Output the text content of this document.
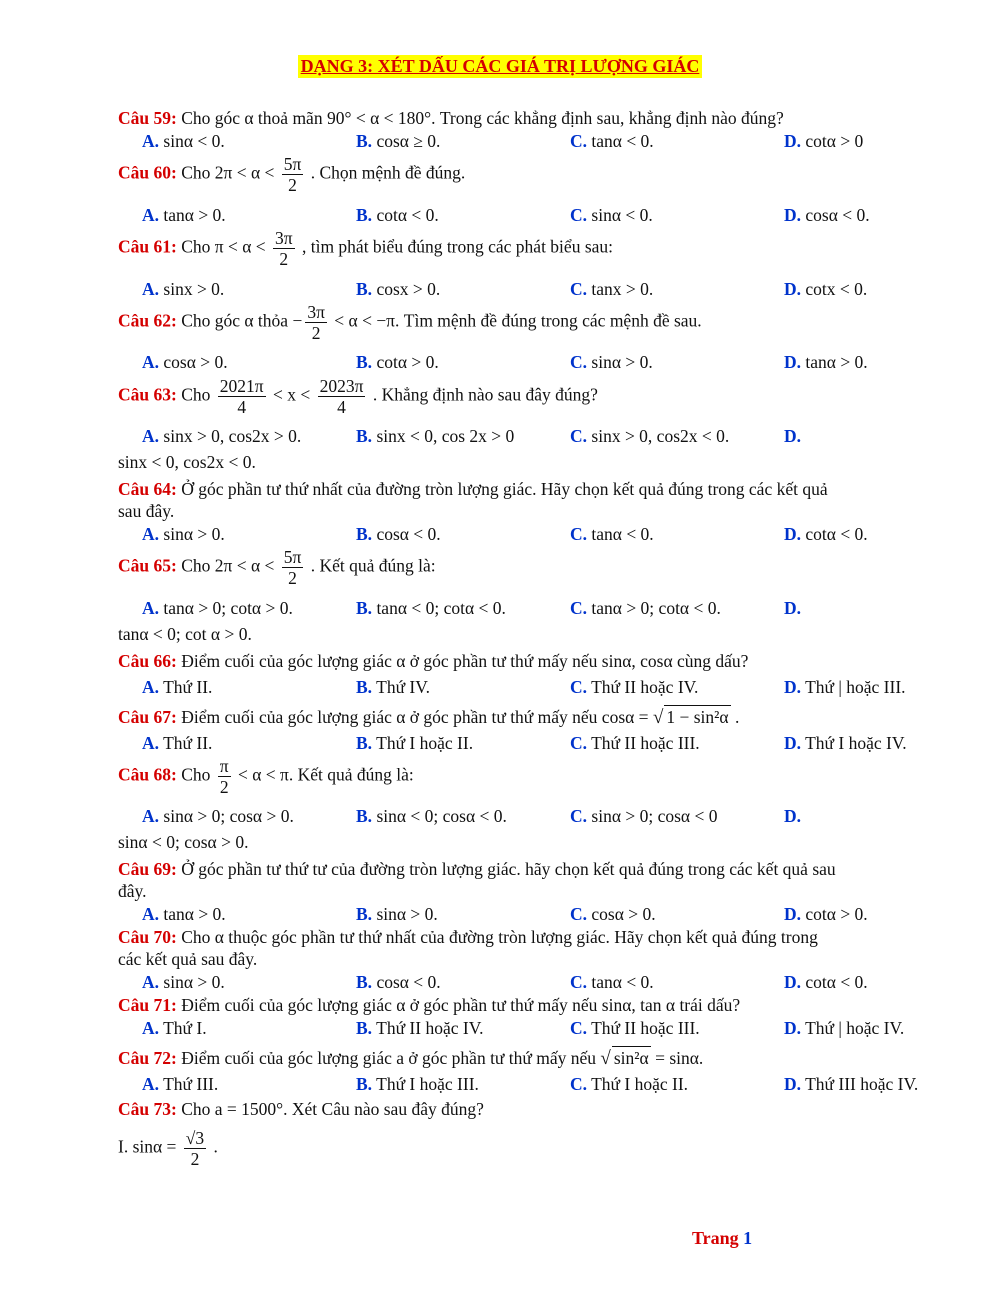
DẠNG 3: XÉT DẤU CÁC GIÁ TRỊ LƯỢNG GIÁC
Câu 59: Cho góc α thoả mãn 90° < α < 180°. Trong các khẳng định sau, khẳng định nào đúng?
A. sinα < 0.	B. cosα ≥ 0.	C. tanα < 0.	D. cotα > 0
Câu 60: Cho $2\pi < \alpha < \frac{5\pi}{2}$ . Chọn mệnh đề đúng.
A. tanα > 0.	B. cotα < 0.	C. sinα < 0.	D. cosα < 0.
Câu 61: Cho $\pi < \alpha < \frac{3\pi}{2}$ , tìm phát biểu đúng trong các phát biểu sau:
A. sinx > 0.	B. cosx > 0.	C. tanx > 0.	D. cotx < 0.
Câu 62: Cho góc α thỏa − $\frac{3\pi}{2} < \alpha < -\pi$. Tìm mệnh đề đúng trong các mệnh đề sau.
A. cosα > 0.	B. cotα > 0.	C. sinα > 0.	D. tanα > 0.
Câu 63: Cho $\frac{2021\pi}{4} < x < \frac{2023\pi}{4}$ . Khẳng định nào sau đây đúng?
A. sinx > 0, cos2x > 0.	B. sinx < 0, cos 2x > 0	C. sinx > 0, cos2x < 0.	D.
sinx < 0, cos2x < 0.
Câu 64: Ở góc phần tư thứ nhất của đường tròn lượng giác. Hãy chọn kết quả đúng trong các kết quả
sau đây.
A. sinα > 0.	B. cosα < 0.	C. tanα < 0.	D. cotα < 0.
Câu 65: Cho $2\pi < \alpha < \frac{5\pi}{2}$ . Kết quả đúng là:
A. tanα > 0; cotα > 0.	B. tanα < 0; cotα < 0.	C. tanα > 0; cotα < 0.	D.
tanα < 0; cot α > 0.
Câu 66: Điểm cuối của góc lượng giác α ở góc phần tư thứ mấy nếu sinα, cosα cùng dấu?
A. Thứ II.	B. Thứ IV.	C. Thứ II hoặc IV.	D. Thứ | hoặc III.
Câu 67: Điểm cuối của góc lượng giác α ở góc phần tư thứ mấy nếu cosα = √ 1 − sin²α .
A. Thứ II.	B. Thứ I hoặc II.	C. Thứ II hoặc III.	D. Thứ I hoặc IV.
Câu 68: Cho $\frac{\pi}{2} < \alpha < \pi$. Kết quả đúng là:
A. sinα > 0; cosα > 0.	B. sinα < 0; cosα < 0.	C. sinα > 0; cosα < 0	D.
sinα < 0; cosα > 0.
Câu 69: Ở góc phần tư thứ tư của đường tròn lượng giác. hãy chọn kết quả đúng trong các kết quả sau
đây.
A. tanα > 0.	B. sinα > 0.	C. cosα > 0.	D. cotα > 0.
Câu 70: Cho α thuộc góc phần tư thứ nhất của đường tròn lượng giác. Hãy chọn kết quả đúng trong
các kết quả sau đây.
A. sinα > 0.	B. cosα < 0.	C. tanα < 0.	D. cotα < 0.
Câu 71: Điểm cuối của góc lượng giác α ở góc phần tư thứ mấy nếu sinα, tan α trái dấu?
A. Thứ I.	B. Thứ II hoặc IV.	C. Thứ II hoặc III.	D. Thứ | hoặc IV.
Câu 72: Điểm cuối của góc lượng giác a ở góc phần tư thứ mấy nếu √ sin²α = sinα.
A. Thứ III.	B. Thứ I hoặc III.	C. Thứ I hoặc II.	D. Thứ III hoặc IV.
Câu 73: Cho a = 1500°. Xét Câu nào sau đây đúng?
I. $\sin\alpha = \frac{√3}{2}$ .
Trang 1
